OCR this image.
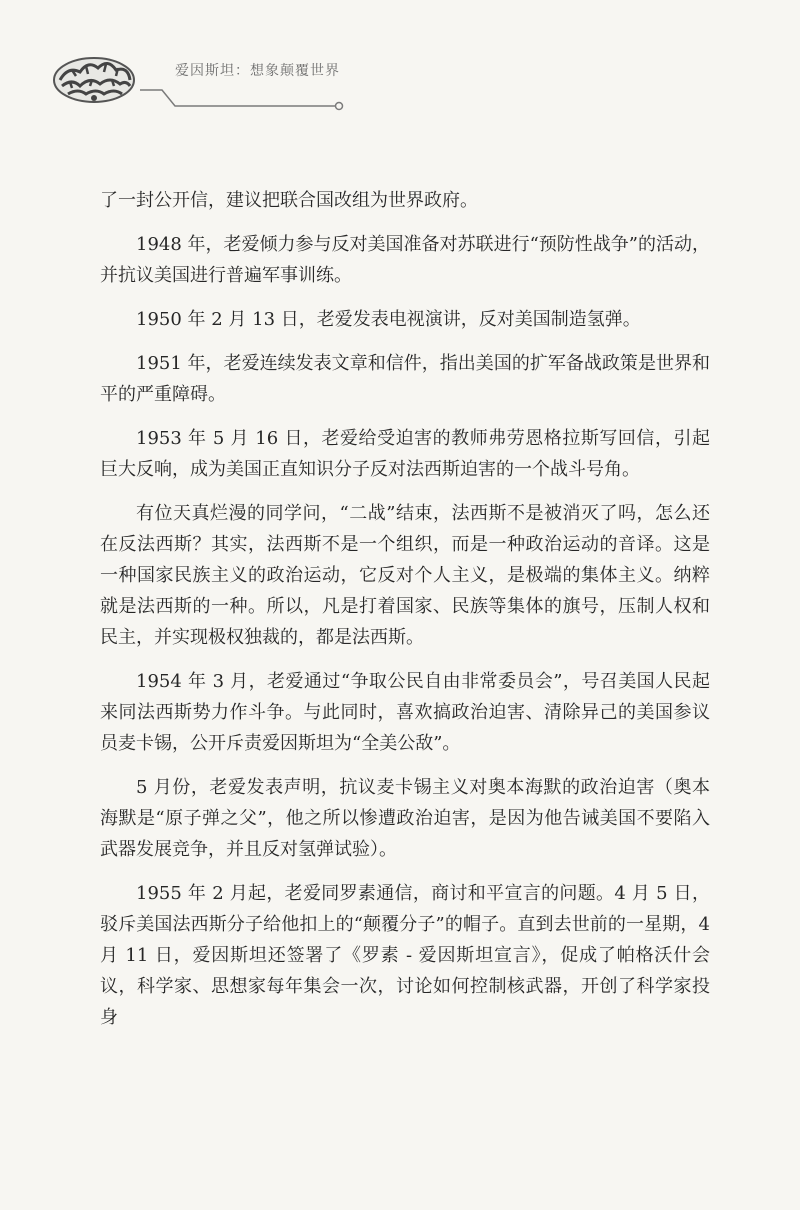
爱因斯坦：想象颠覆世界

了一封公开信，建议把联合国改组为世界政府。

1948 年，老爱倾力参与反对美国准备对苏联进行“预防性战争”的活动，并抗议美国进行普遍军事训练。

1950 年 2 月 13 日，老爱发表电视演讲，反对美国制造氢弹。

1951 年，老爱连续发表文章和信件，指出美国的扩军备战政策是世界和平的严重障碍。

1953 年 5 月 16 日，老爱给受迫害的教师弗劳恩格拉斯写回信，引起巨大反响，成为美国正直知识分子反对法西斯迫害的一个战斗号角。

有位天真烂漫的同学问，“二战”结束，法西斯不是被消灭了吗，怎么还在反法西斯？其实，法西斯不是一个组织，而是一种政治运动的音译。这是一种国家民族主义的政治运动，它反对个人主义，是极端的集体主义。纳粹就是法西斯的一种。所以，凡是打着国家、民族等集体的旗号，压制人权和民主，并实现极权独裁的，都是法西斯。

1954 年 3 月，老爱通过“争取公民自由非常委员会”，号召美国人民起来同法西斯势力作斗争。与此同时，喜欢搞政治迫害、清除异己的美国参议员麦卡锡，公开斥责爱因斯坦为“全美公敌”。

5 月份，老爱发表声明，抗议麦卡锡主义对奥本海默的政治迫害（奥本海默是“原子弹之父”，他之所以惨遭政治迫害，是因为他告诫美国不要陷入武器发展竞争，并且反对氢弹试验）。

1955 年 2 月起，老爱同罗素通信，商讨和平宣言的问题。4 月 5 日，驳斥美国法西斯分子给他扣上的“颠覆分子”的帽子。直到去世前的一星期，4 月 11 日，爱因斯坦还签署了《罗素 - 爱因斯坦宣言》，促成了帕格沃什会议，科学家、思想家每年集会一次，讨论如何控制核武器，开创了科学家投身
